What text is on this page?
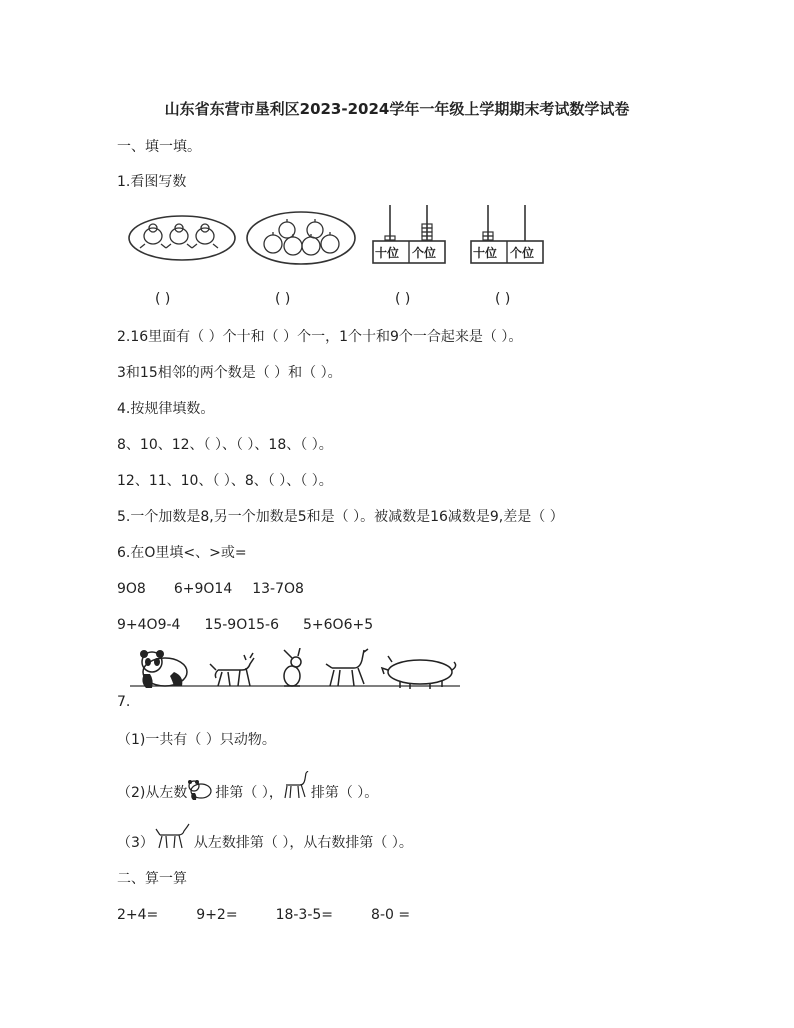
山东省东营市垦利区2023-2024学年一年级上学期期末考试数学试卷
一、填一填。
1.看图写数
十位 个位	十位 个位
( )	( )	( )	( )
2.16里面有（ ）个十和（ ）个一，1个十和9个一合起来是（ ）。
3和15相邻的两个数是（ ）和（ ）。
4.按规律填数。
8、10、12、（ ）、（ ）、18、（ ）。
12、11、10、（ ）、8、（ ）、（ ）。
5.一个加数是8,另一个加数是5和是（ ）。被减数是16减数是9,差是（ ）
6.在O里填<、>或=
9O8 6+9O14 13-7O8
9+4O9-4 15-9O15-6 5+6O6+5
7.
（1)一共有（ ）只动物。
（2)从左数 排第（ ）， 排第（ ）。
（3）	从左数排第（ ），从右数排第（ ）。
二、算一算
2+4=	9+2=	18-3-5=	8-0 =
